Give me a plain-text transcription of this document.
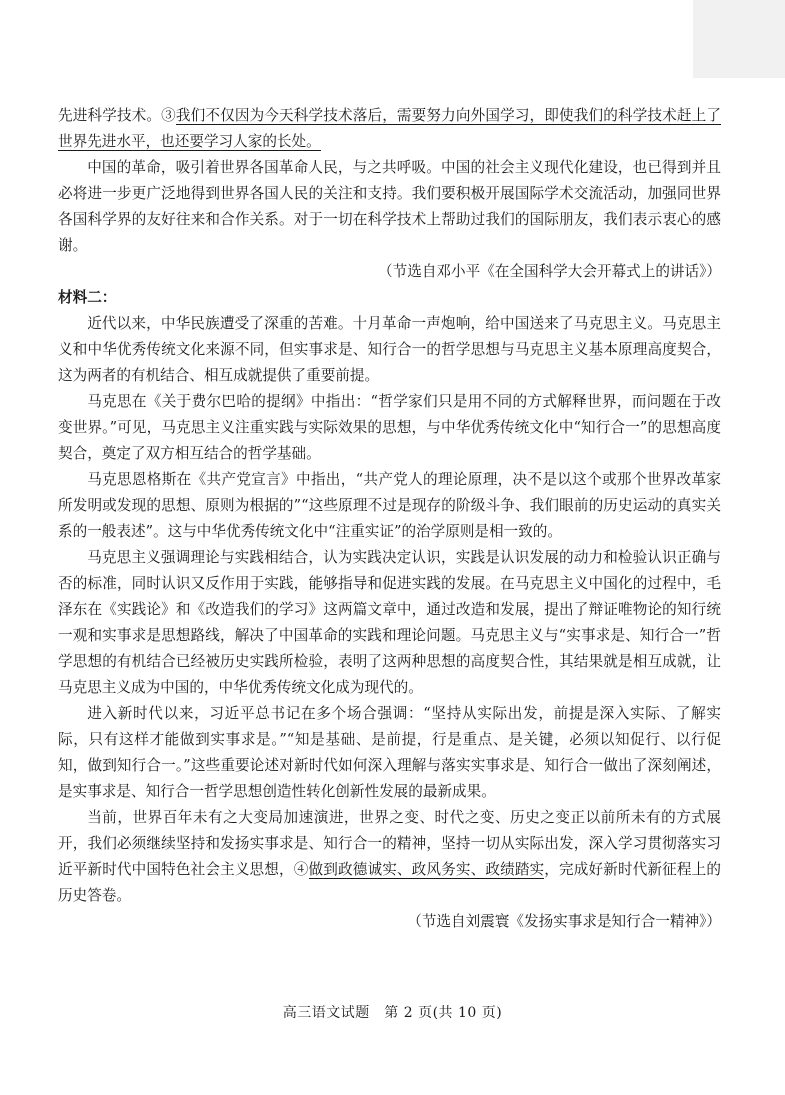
先进科学技术。③我们不仅因为今天科学技术落后，需要努力向外国学习，即使我们的科学技术赶上了世界先进水平，也还要学习人家的长处。

中国的革命，吸引着世界各国革命人民，与之共呼吸。中国的社会主义现代化建设，也已得到并且必将进一步更广泛地得到世界各国人民的关注和支持。我们要积极开展国际学术交流活动，加强同世界各国科学界的友好往来和合作关系。对于一切在科学技术上帮助过我们的国际朋友，我们表示衷心的感谢。

（节选自邓小平《在全国科学大会开幕式上的讲话》）

材料二：

近代以来，中华民族遭受了深重的苦难。十月革命一声炮响，给中国送来了马克思主义。马克思主义和中华优秀传统文化来源不同，但实事求是、知行合一的哲学思想与马克思主义基本原理高度契合，这为两者的有机结合、相互成就提供了重要前提。

马克思在《关于费尔巴哈的提纲》中指出：“哲学家们只是用不同的方式解释世界，而问题在于改变世界。”可见，马克思主义注重实践与实际效果的思想，与中华优秀传统文化中“知行合一”的思想高度契合，奠定了双方相互结合的哲学基础。

马克思恩格斯在《共产党宣言》中指出，“共产党人的理论原理，决不是以这个或那个世界改革家所发明或发现的思想、原则为根据的”“这些原理不过是现存的阶级斗争、我们眼前的历史运动的真实关系的一般表述”。这与中华优秀传统文化中“注重实证”的治学原则是相一致的。

马克思主义强调理论与实践相结合，认为实践决定认识，实践是认识发展的动力和检验认识正确与否的标准，同时认识又反作用于实践，能够指导和促进实践的发展。在马克思主义中国化的过程中，毛泽东在《实践论》和《改造我们的学习》这两篇文章中，通过改造和发展，提出了辩证唯物论的知行统一观和实事求是思想路线，解决了中国革命的实践和理论问题。马克思主义与“实事求是、知行合一”哲学思想的有机结合已经被历史实践所检验，表明了这两种思想的高度契合性，其结果就是相互成就，让马克思主义成为中国的，中华优秀传统文化成为现代的。

进入新时代以来，习近平总书记在多个场合强调：“坚持从实际出发，前提是深入实际、了解实际，只有这样才能做到实事求是。”“知是基础、是前提，行是重点、是关键，必须以知促行、以行促知，做到知行合一。”这些重要论述对新时代如何深入理解与落实实事求是、知行合一做出了深刻阐述，是实事求是、知行合一哲学思想创造性转化创新性发展的最新成果。

当前，世界百年未有之大变局加速演进，世界之变、时代之变、历史之变正以前所未有的方式展开，我们必须继续坚持和发扬实事求是、知行合一的精神，坚持一切从实际出发，深入学习贯彻落实习近平新时代中国特色社会主义思想，④做到政德诚实、政风务实、政绩踏实，完成好新时代新征程上的历史答卷。

（节选自刘震寰《发扬实事求是知行合一精神》）

高三语文试题　第 2 页(共 10 页)
